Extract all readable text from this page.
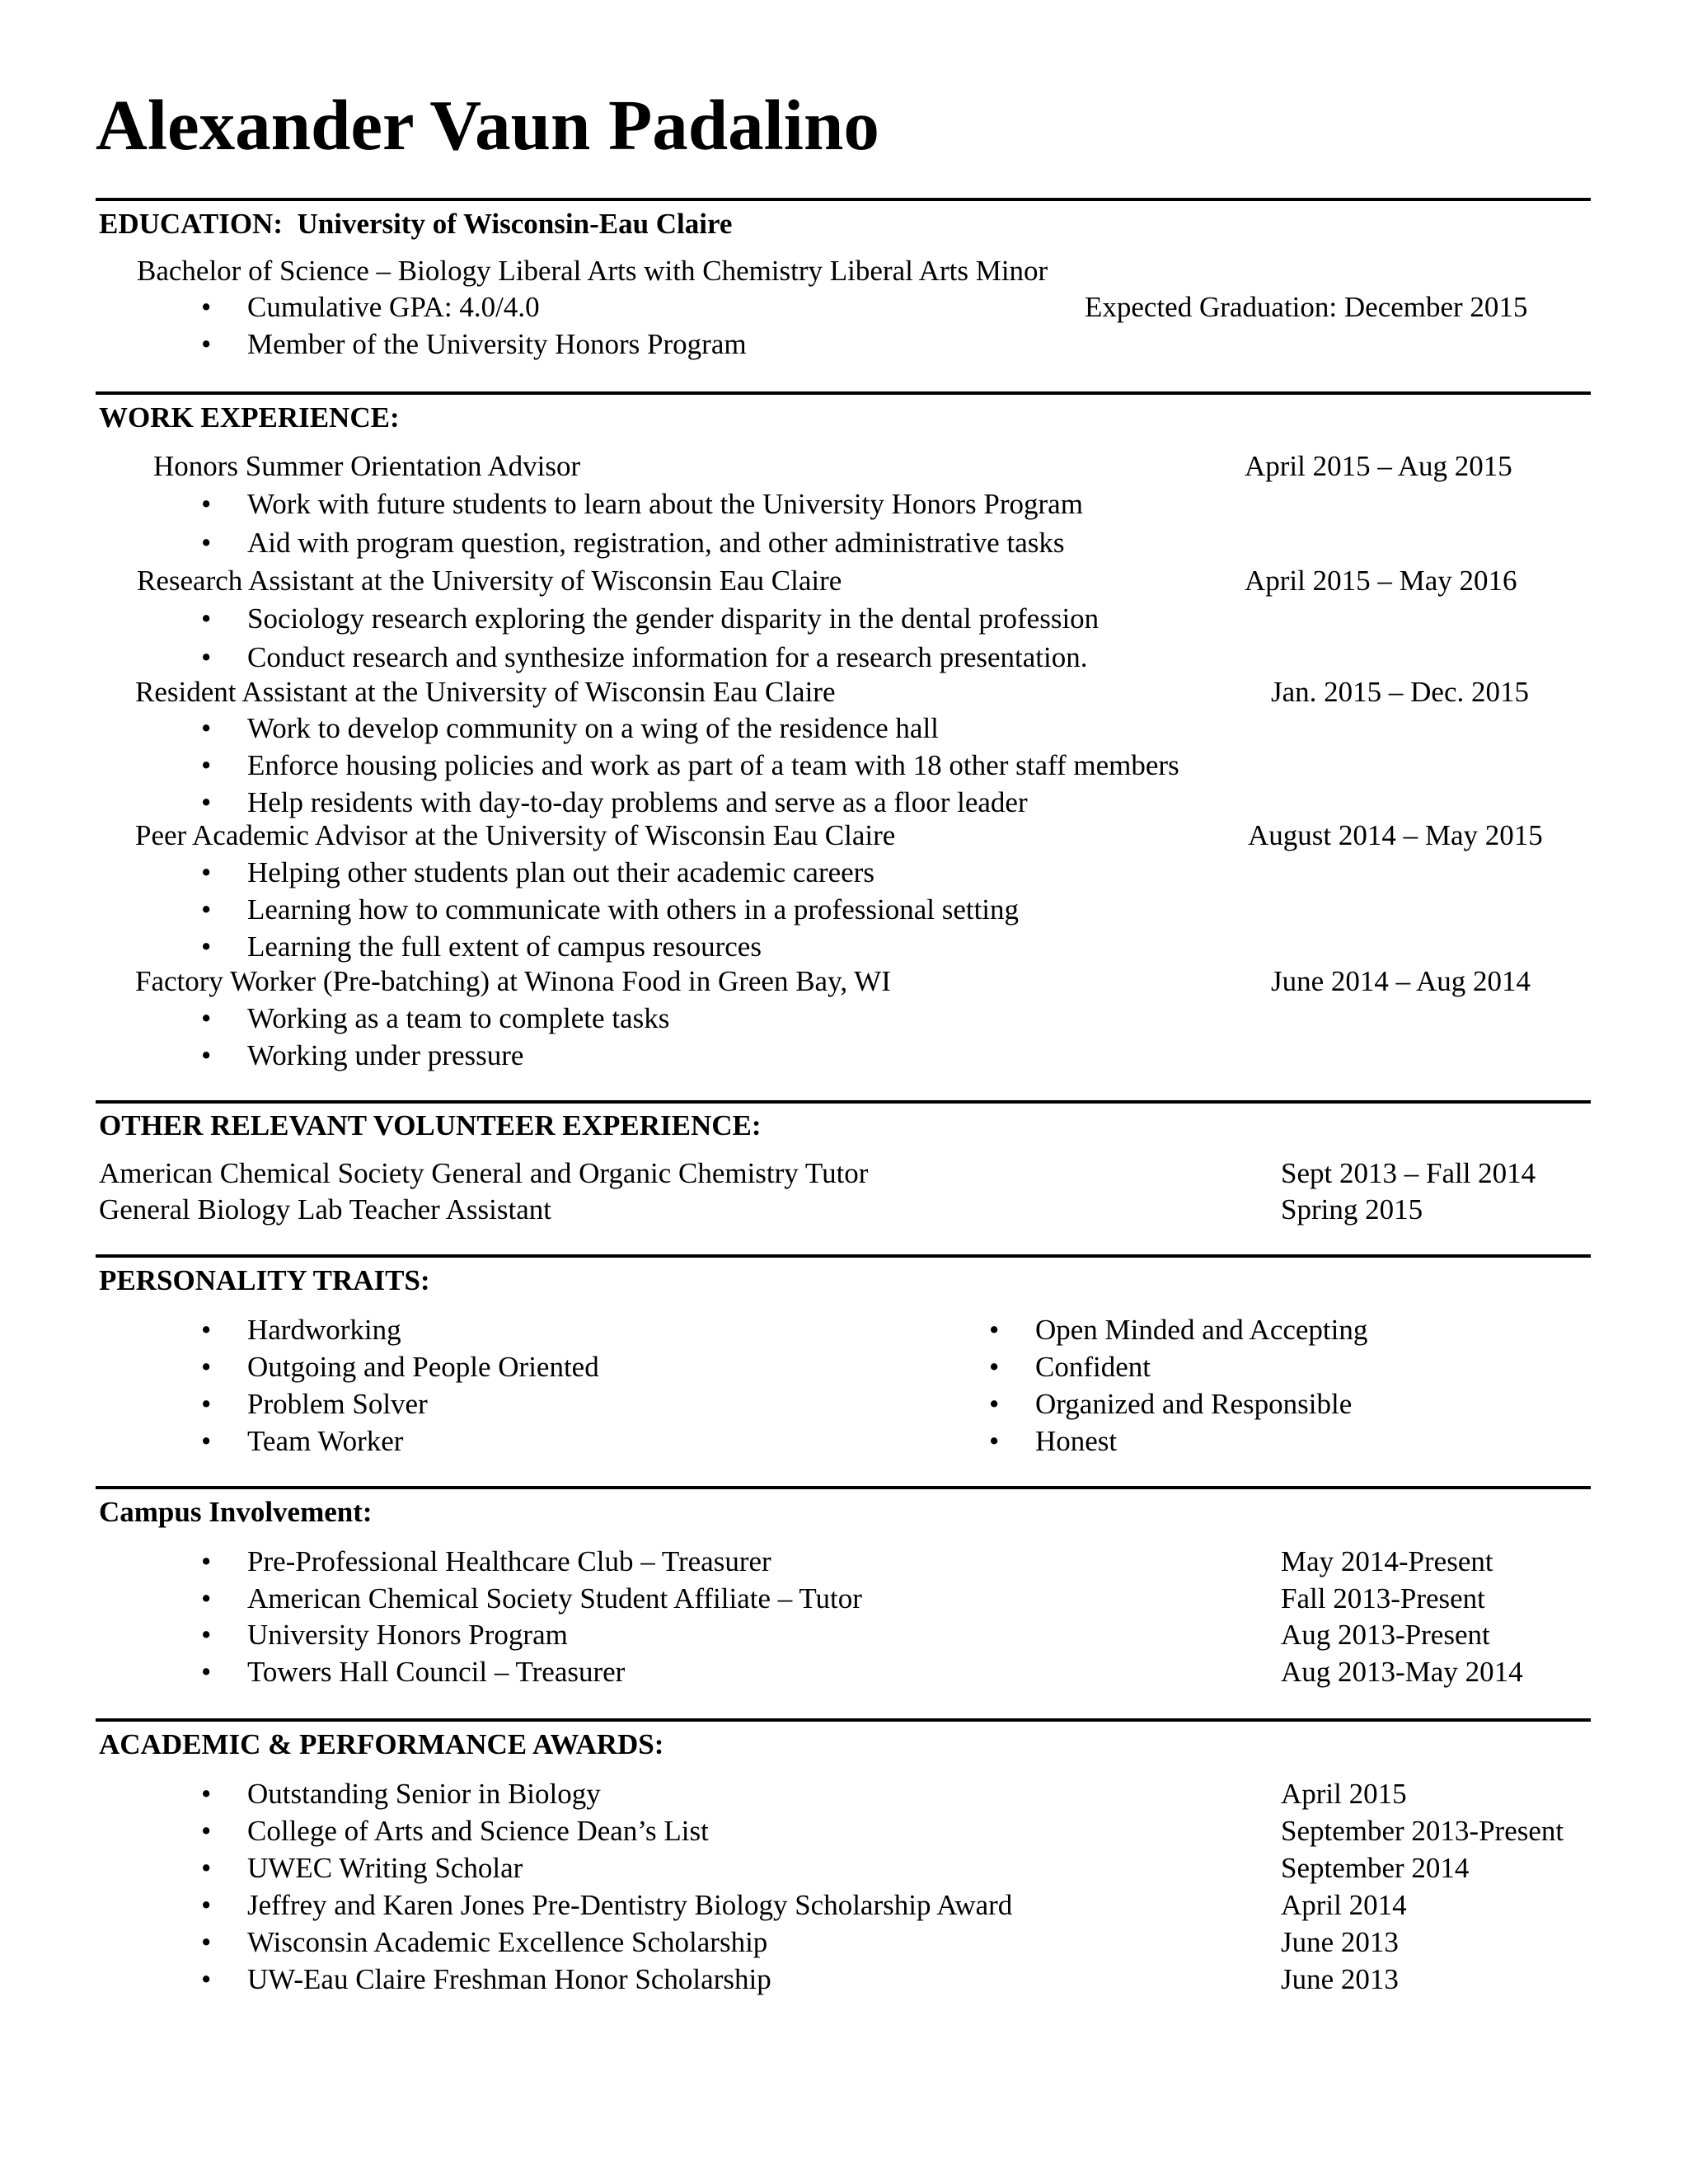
Alexander Vaun Padalino
EDUCATION: University of Wisconsin-Eau Claire
Bachelor of Science – Biology Liberal Arts with Chemistry Liberal Arts Minor
• Cumulative GPA: 4.0/4.0	Expected Graduation: December 2015
• Member of the University Honors Program
WORK EXPERIENCE:
Honors Summer Orientation Advisor	April 2015 – Aug 2015
• Work with future students to learn about the University Honors Program
• Aid with program question, registration, and other administrative tasks
Research Assistant at the University of Wisconsin Eau Claire	April 2015 – May 2016
• Sociology research exploring the gender disparity in the dental profession
• Conduct research and synthesize information for a research presentation.
Resident Assistant at the University of Wisconsin Eau Claire	Jan. 2015 – Dec. 2015
• Work to develop community on a wing of the residence hall
• Enforce housing policies and work as part of a team with 18 other staff members
• Help residents with day-to-day problems and serve as a floor leader
Peer Academic Advisor at the University of Wisconsin Eau Claire	August 2014 – May 2015
• Helping other students plan out their academic careers
• Learning how to communicate with others in a professional setting
• Learning the full extent of campus resources
Factory Worker (Pre-batching) at Winona Food in Green Bay, WI	June 2014 – Aug 2014
• Working as a team to complete tasks
• Working under pressure
OTHER RELEVANT VOLUNTEER EXPERIENCE:
American Chemical Society General and Organic Chemistry Tutor	Sept 2013 – Fall 2014
General Biology Lab Teacher Assistant	Spring 2015
PERSONALITY TRAITS:
• Hardworking
• Outgoing and People Oriented
• Problem Solver
• Team Worker
• Open Minded and Accepting
• Confident
• Organized and Responsible
• Honest
Campus Involvement:
• Pre-Professional Healthcare Club – Treasurer	May 2014-Present
• American Chemical Society Student Affiliate – Tutor	Fall 2013-Present
• University Honors Program	Aug 2013-Present
• Towers Hall Council – Treasurer	Aug 2013-May 2014
ACADEMIC & PERFORMANCE AWARDS:
• Outstanding Senior in Biology	April 2015
• College of Arts and Science Dean’s List	September 2013-Present
• UWEC Writing Scholar	September 2014
• Jeffrey and Karen Jones Pre-Dentistry Biology Scholarship Award	April 2014
• Wisconsin Academic Excellence Scholarship	June 2013
• UW-Eau Claire Freshman Honor Scholarship	June 2013
